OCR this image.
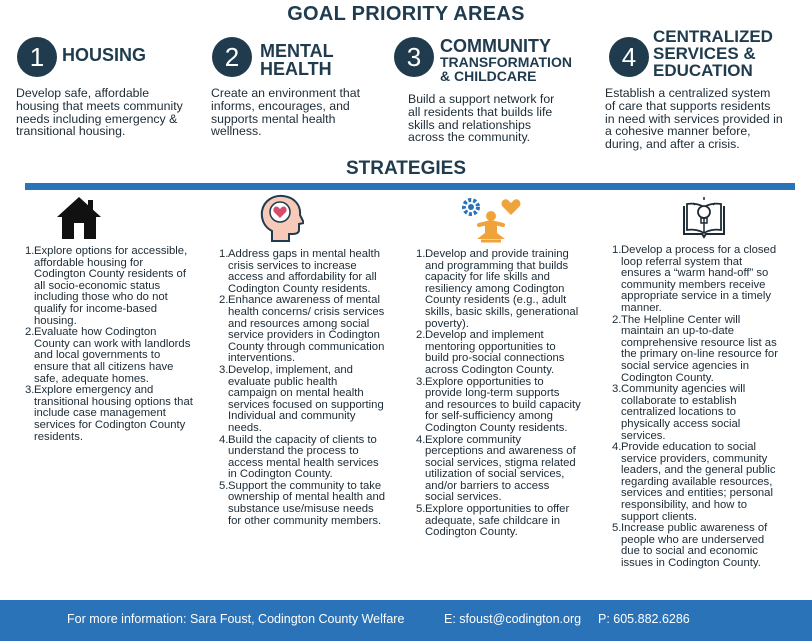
GOAL PRIORITY AREAS
1 HOUSING
Develop safe, affordable housing that meets community needs including emergency & transitional housing.
2	MENTAL HEALTH
Create an environment that informs, encourages, and supports mental health wellness.
3	COMMUNITY
TRANSFORMATION
& CHILDCARE
Build a support network for all residents that builds life skills and relationships across the community.
4
CENTRALIZED
SERVICES &
EDUCATION
Establish a centralized system of care that supports residents in need with services provided in a cohesive manner before, during, and after a crisis.
STRATEGIES
1. Explore options for accessible, affordable housing for Codington County residents of all socio-economic status including those who do not qualify for income-based housing.
2. Evaluate how Codington County can work with landlords and local governments to ensure that all citizens have safe, adequate homes.
3. Explore emergency and transitional housing options that include case management services for Codington County residents.
1. Address gaps in mental health crisis services to increase access and affordability for all Codington County residents.
2. Enhance awareness of mental health concerns/ crisis services and resources among social service providers in Codington County through communication interventions.
3. Develop, implement, and evaluate public health campaign on mental health services focused on supporting Individual and community needs.
4. Build the capacity of clients to understand the process to access mental health services in Codington County.
5. Support the community to take ownership of mental health and substance use/misuse needs for other community members.
1. Develop and provide training and programming that builds capacity for life skills and resiliency among Codington County residents (e.g., adult skills, basic skills, generational poverty).
2. Develop and implement mentoring opportunities to build pro-social connections across Codington County.
3. Explore opportunities to provide long-term supports and resources to build capacity for self-sufficiency among Codington County residents.
4. Explore community perceptions and awareness of social services, stigma related utilization of social services, and/or barriers to access social services.
5. Explore opportunities to offer adequate, safe childcare in Codington County.
1. Develop a process for a closed loop referral system that ensures a “warm hand-off” so community members receive appropriate service in a timely manner.
2. The Helpline Center will maintain an up-to-date comprehensive resource list as the primary on-line resource for social service agencies in Codington County.
3. Community agencies will collaborate to establish centralized locations to physically access social services.
4. Provide education to social service providers, community leaders, and the general public regarding available resources, services and entities; personal responsibility, and how to support clients.
5. Increase public awareness of people who are underserved due to social and economic issues in Codington County.
For more information: Sara Foust, Codington County Welfare	E: sfoust@codington.org P: 605.882.6286
